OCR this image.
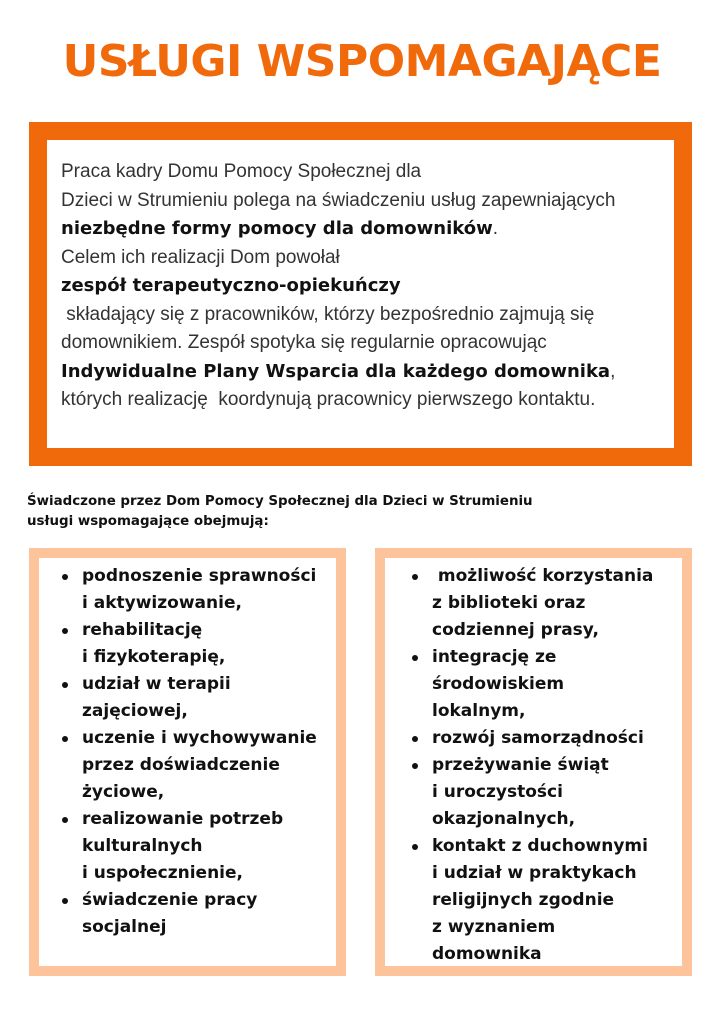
USŁUGI WSPOMAGAJĄCE
Praca kadry Domu Pomocy Społecznej dla
Dzieci w Strumieniu polega na świadczeniu usług zapewniających
niezbędne formy pomocy dla domowników.
Celem ich realizacji Dom powołał
zespół terapeutyczno-opiekuńczy
składający się z pracowników, którzy bezpośrednio zajmują się
domownikiem. Zespół spotyka się regularnie opracowując
Indywidualne Plany Wsparcia dla każdego domownika,
których realizację  koordynują pracownicy pierwszego kontaktu.
Świadczone przez Dom Pomocy Społecznej dla Dzieci w Strumieniu
usługi wspomagające obejmują:
podnoszenie sprawności
i aktywizowanie,
rehabilitację
i fizykoterapię,
udział w terapii
zajęciowej,
uczenie i wychowywanie
przez doświadczenie
życiowe,
realizowanie potrzeb
kulturalnych
i uspołecznienie,
świadczenie pracy
socjalnej
możliwość korzystania
z biblioteki oraz
codziennej prasy,
integrację ze
środowiskiem
lokalnym,
rozwój samorządności
przeżywanie świąt
i uroczystości
okazjonalnych,
kontakt z duchownymi
i udział w praktykach
religijnych zgodnie
z wyznaniem
domownika
